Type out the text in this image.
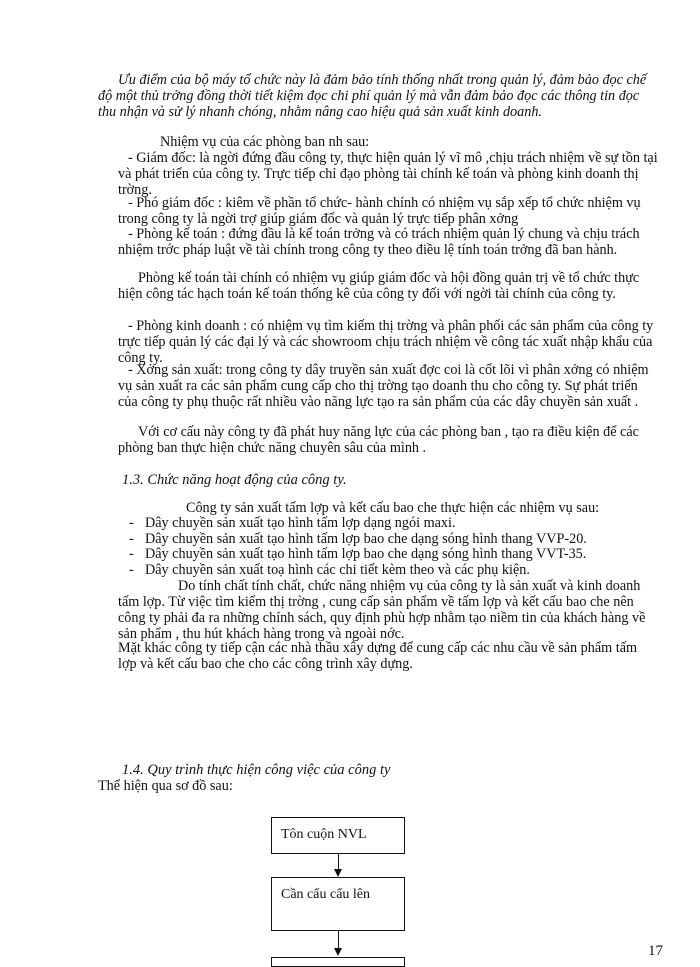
Ưu điểm của bộ máy tổ chức này là đảm bảo tính thống nhất trong quản lý, đảm bảo đọc chế độ một thủ trởng đồng thời tiết kiệm đọc chi phí quản lý mà vẫn đảm bảo đọc các thông tin đọc thu nhận và sử lý nhanh chóng, nhằm nâng cao hiệu quả sản xuất kinh doanh.

Nhiệm vụ của các phòng ban nh sau:

- Giám đốc: là ngời đứng đầu công ty, thực hiện quản lý vĩ mô ,chịu trách nhiệm về sự tồn tại và phát triển của công ty. Trực tiếp chỉ đạo phòng tài chính kế toán và phòng kinh doanh thị trờng.

- Phó giám đốc : kiêm về phần tổ chức- hành chính có nhiệm vụ sắp xếp tổ chức nhiệm vụ trong công ty là ngời trợ giúp giám đốc và quản lý trực tiếp phân xởng

- Phòng kế toán : đứng đầu là kế toán trởng và có trách nhiệm quản lý chung và chịu trách nhiệm trớc pháp luật về tài chính trong công ty theo điều lệ tính toán trởng đã ban hành.

Phòng kế toán tài chính có nhiệm vụ giúp giám đốc và hội đồng quản trị về tổ chức thực hiện công tác hạch toán kế toán thống kê của công ty đối với ngời tài chính của công ty.

- Phòng kinh doanh : có nhiệm vụ tìm kiếm thị trờng và phân phối các sản phẩm của công ty trực tiếp quản lý các đại lý và các showroom chịu trách nhiệm về công tác xuất nhập khẩu của công ty.

- Xởng sản xuất: trong công ty dây truyền sản xuất đợc coi là cốt lõi vì phân xởng có nhiệm vụ sản xuất ra các sản phẩm cung cấp cho thị trờng tạo doanh thu cho công ty. Sự phát triển của công ty phụ thuộc rất nhiều vào năng lực tạo ra sản phẩm của các dây chuyền sản xuất .

Với cơ cấu này công ty đã phát huy năng lực của các phòng ban , tạo ra điều kiện để các phòng ban thực hiện chức năng chuyên sâu của mình .

1.3. Chức năng hoạt động của công ty.

Công ty sản xuất tấm lợp và kết cấu bao che thực hiện các nhiệm vụ sau:

- Dây chuyền sản xuất tạo hình tấm lợp dạng ngói maxi.
- Dây chuyền sản xuất tạo hình tấm lợp bao che dạng sóng hình thang VVP-20.
- Dây chuyền sản xuất tạo hình tấm lợp bao che dạng sóng hình thang VVT-35.
- Dây chuyền sản xuất toạ hình các chi tiết kèm theo và các phụ kiện.

Do tính chất tính chất, chức năng nhiệm vụ của công ty là sản xuất và kinh doanh tấm lợp. Từ việc tìm kiếm thị trờng , cung cấp sản phẩm về tấm lợp và kết cấu bao che nên công ty phải đa ra những chính sách, quy định phù hợp nhằm tạo niềm tin của khách hàng về sản phẩm , thu hút khách hàng trong và ngoài nớc.

Mặt khác công ty tiếp cận các nhà thầu xây dựng để cung cấp các nhu cầu về sản phẩm tấm lợp và kết cấu bao che cho các công trình xây dựng.

1.4. Quy trình thực hiện công việc của công ty

Thể hiện qua sơ đồ sau:

Tôn cuộn NVL
Cần cẩu cẩu lên
17
